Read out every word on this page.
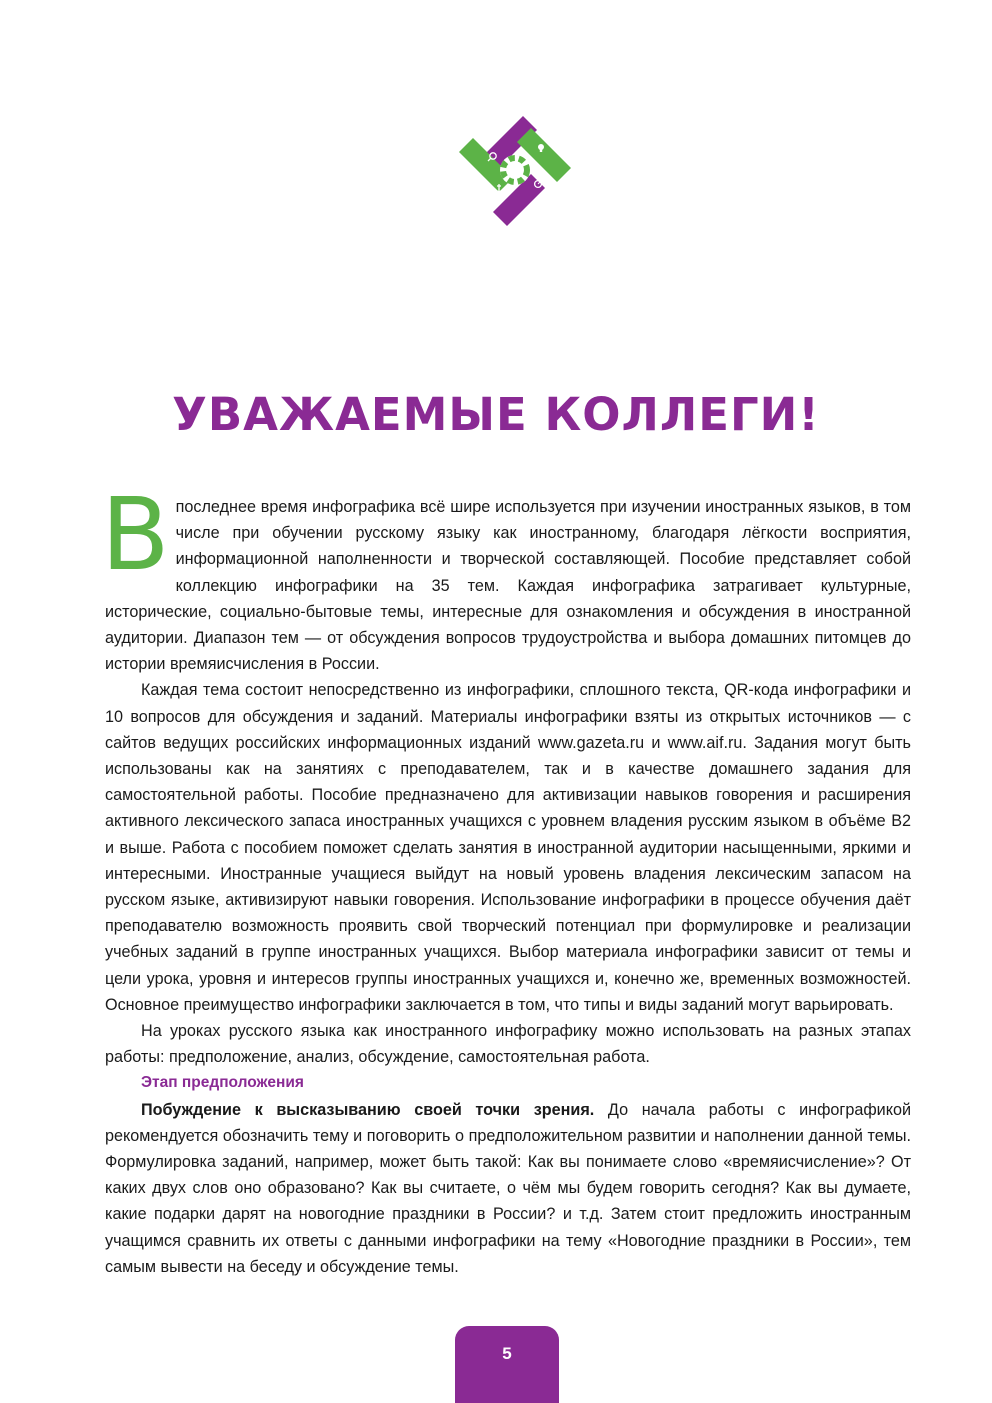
УВАЖАЕМЫЕ КОЛЛЕГИ!

Впоследнее время инфографика всё шире используется при изучении иностранных языков, в том числе при обучении русскому языку как иностранному, благодаря лёгкости восприятия, информационной наполненности и творческой составляющей. Пособие представляет собой коллекцию инфографики на 35 тем. Каждая инфографика затрагивает культурные, исторические, социально-бытовые темы, интересные для ознакомления и обсуждения в иностранной аудитории. Диапазон тем — от обсуждения вопросов трудоустройства и выбора домашних питомцев до истории времяисчисления в России.

Каждая тема состоит непосредственно из инфографики, сплошного текста, QR-кода инфографики и 10 вопросов для обсуждения и заданий. Материалы инфографики взяты из открытых источников — с сайтов ведущих российских информационных изданий www.gazeta.ru и www.aif.ru. Задания могут быть использованы как на занятиях с преподавателем, так и в качестве домашнего задания для самостоятельной работы. Пособие предназначено для активизации навыков говорения и расширения активного лексического запаса иностранных учащихся с уровнем владения русским языком в объёме B2 и выше. Работа с пособием поможет сделать занятия в иностранной аудитории насыщенными, яркими и интересными. Иностранные учащиеся выйдут на новый уровень владения лексическим запасом на русском языке, активизируют навыки говорения. Использование инфографики в процессе обучения даёт преподавателю возможность проявить свой творческий потенциал при формулировке и реализации учебных заданий в группе иностранных учащихся. Выбор материала инфографики зависит от темы и цели урока, уровня и интересов группы иностранных учащихся и, конечно же, временных возможностей. Основное преимущество инфографики заключается в том, что типы и виды заданий могут варьировать.

На уроках русского языка как иностранного инфографику можно использовать на разных этапах работы: предположение, анализ, обсуждение, самостоятельная работа.

Этап предположения

Побуждение к высказыванию своей точки зрения. До начала работы с инфографикой рекомендуется обозначить тему и поговорить о предположительном развитии и наполнении данной темы. Формулировка заданий, например, может быть такой: Как вы понимаете слово «времяисчисление»? От каких двух слов оно образовано? Как вы считаете, о чём мы будем говорить сегодня? Как вы думаете, какие подарки дарят на новогодние праздники в России? и т.д. Затем стоит предложить иностранным учащимся сравнить их ответы с данными инфографики на тему «Новогодние праздники в России», тем самым вывести на беседу и обсуждение темы.

5
